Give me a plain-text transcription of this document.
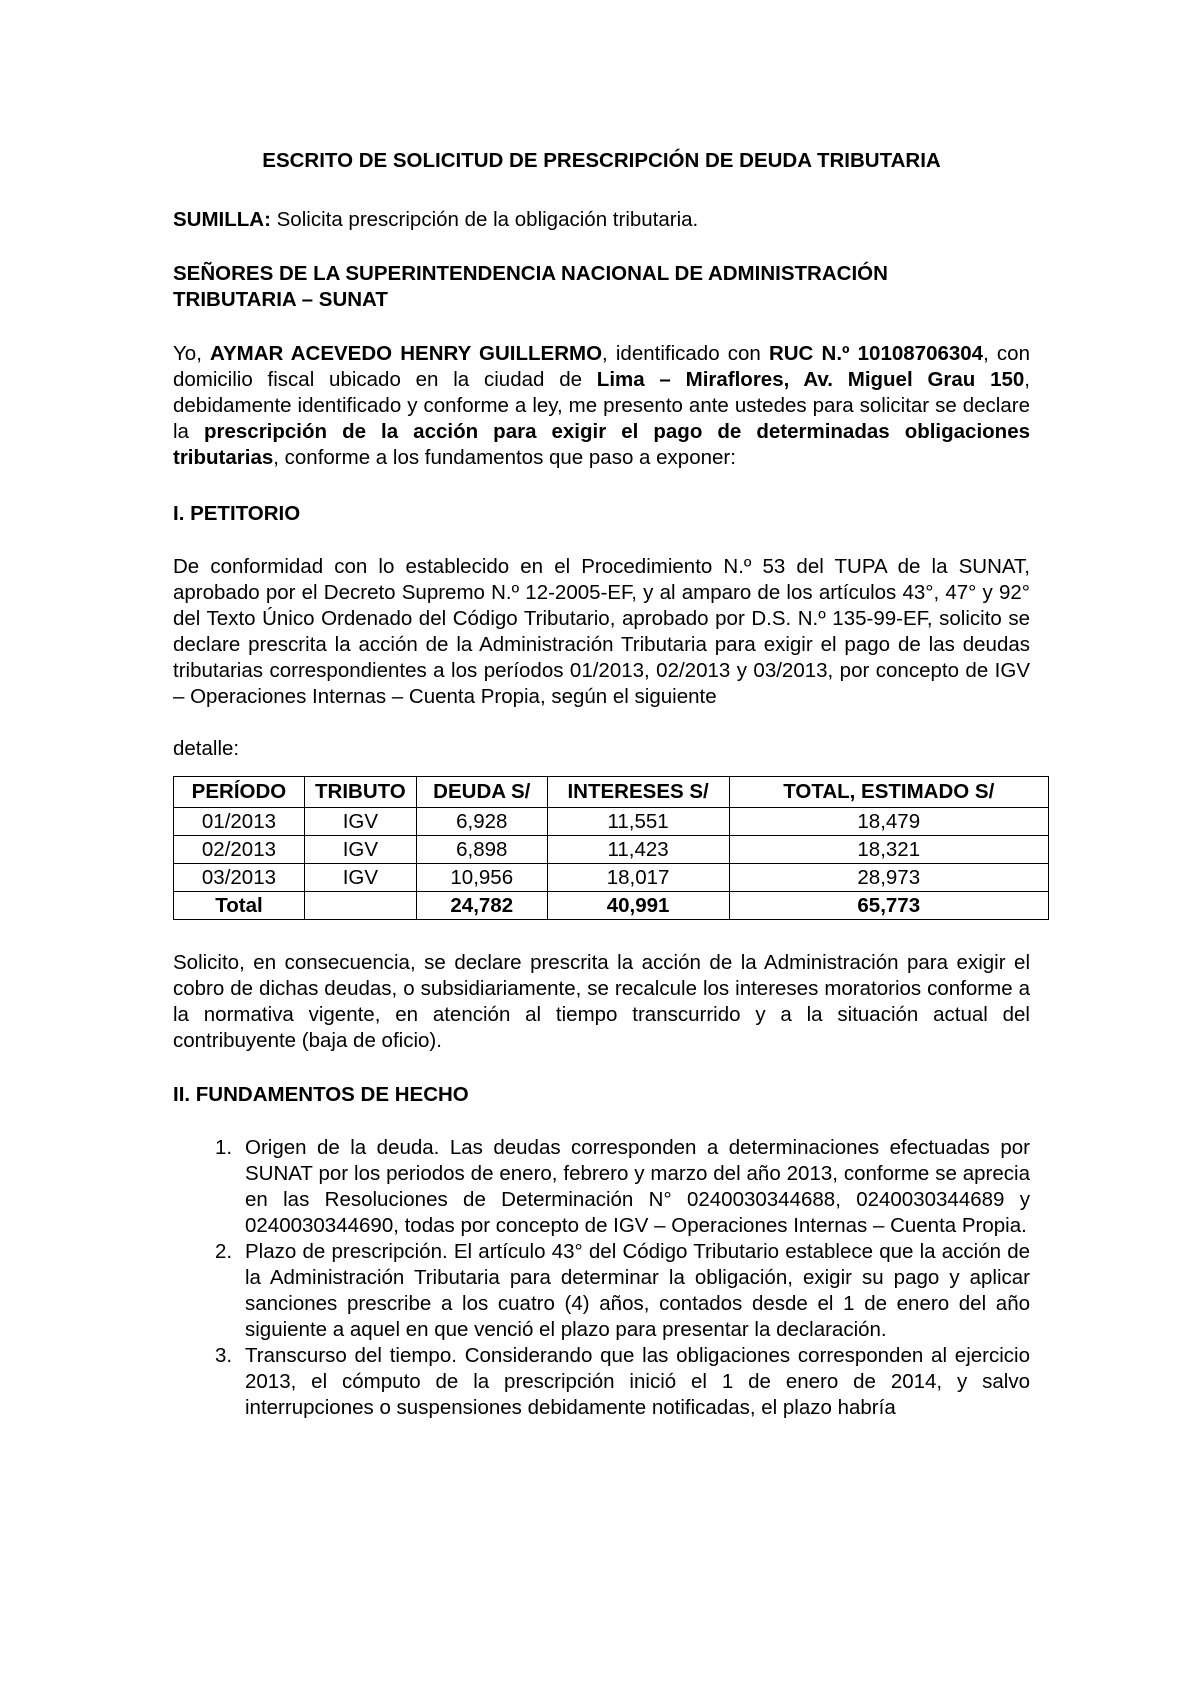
ESCRITO DE SOLICITUD DE PRESCRIPCIÓN DE DEUDA TRIBUTARIA

SUMILLA: Solicita prescripción de la obligación tributaria.

SEÑORES DE LA SUPERINTENDENCIA NACIONAL DE ADMINISTRACIÓN

TRIBUTARIA – SUNAT

Yo, AYMAR ACEVEDO HENRY GUILLERMO, identificado con RUC N.º 10108706304, con domicilio fiscal ubicado en la ciudad de Lima – Miraflores, Av. Miguel Grau 150, debidamente identificado y conforme a ley, me presento ante ustedes para solicitar se declare la prescripción de la acción para exigir el pago de determinadas obligaciones tributarias, conforme a los fundamentos que paso a exponer:

I. PETITORIO

De conformidad con lo establecido en el Procedimiento N.º 53 del TUPA de la SUNAT, aprobado por el Decreto Supremo N.º 12-2005-EF, y al amparo de los artículos 43°, 47° y 92° del Texto Único Ordenado del Código Tributario, aprobado por D.S. N.º 135-99-EF, solicito se declare prescrita la acción de la Administración Tributaria para exigir el pago de las deudas tributarias correspondientes a los períodos 01/2013, 02/2013 y 03/2013, por concepto de IGV – Operaciones Internas – Cuenta Propia, según el siguiente

detalle:

PERÍODO	TRIBUTO	DEUDA S/	INTERESES S/	TOTAL, ESTIMADO S/
01/2013	IGV	6,928	11,551	18,479
02/2013	IGV	6,898	11,423	18,321
03/2013	IGV	10,956	18,017	28,973
Total		24,782	40,991	65,773

Solicito, en consecuencia, se declare prescrita la acción de la Administración para exigir el cobro de dichas deudas, o subsidiariamente, se recalcule los intereses moratorios conforme a la normativa vigente, en atención al tiempo transcurrido y a la situación actual del contribuyente (baja de oficio).

II. FUNDAMENTOS DE HECHO

1. Origen de la deuda. Las deudas corresponden a determinaciones efectuadas por SUNAT por los periodos de enero, febrero y marzo del año 2013, conforme se aprecia en las Resoluciones de Determinación N° 0240030344688, 0240030344689 y 0240030344690, todas por concepto de IGV – Operaciones Internas – Cuenta Propia.
2. Plazo de prescripción. El artículo 43° del Código Tributario establece que la acción de la Administración Tributaria para determinar la obligación, exigir su pago y aplicar sanciones prescribe a los cuatro (4) años, contados desde el 1 de enero del año siguiente a aquel en que venció el plazo para presentar la declaración.
3. Transcurso del tiempo. Considerando que las obligaciones corresponden al ejercicio 2013, el cómputo de la prescripción inició el 1 de enero de 2014, y salvo interrupciones o suspensiones debidamente notificadas, el plazo habría
